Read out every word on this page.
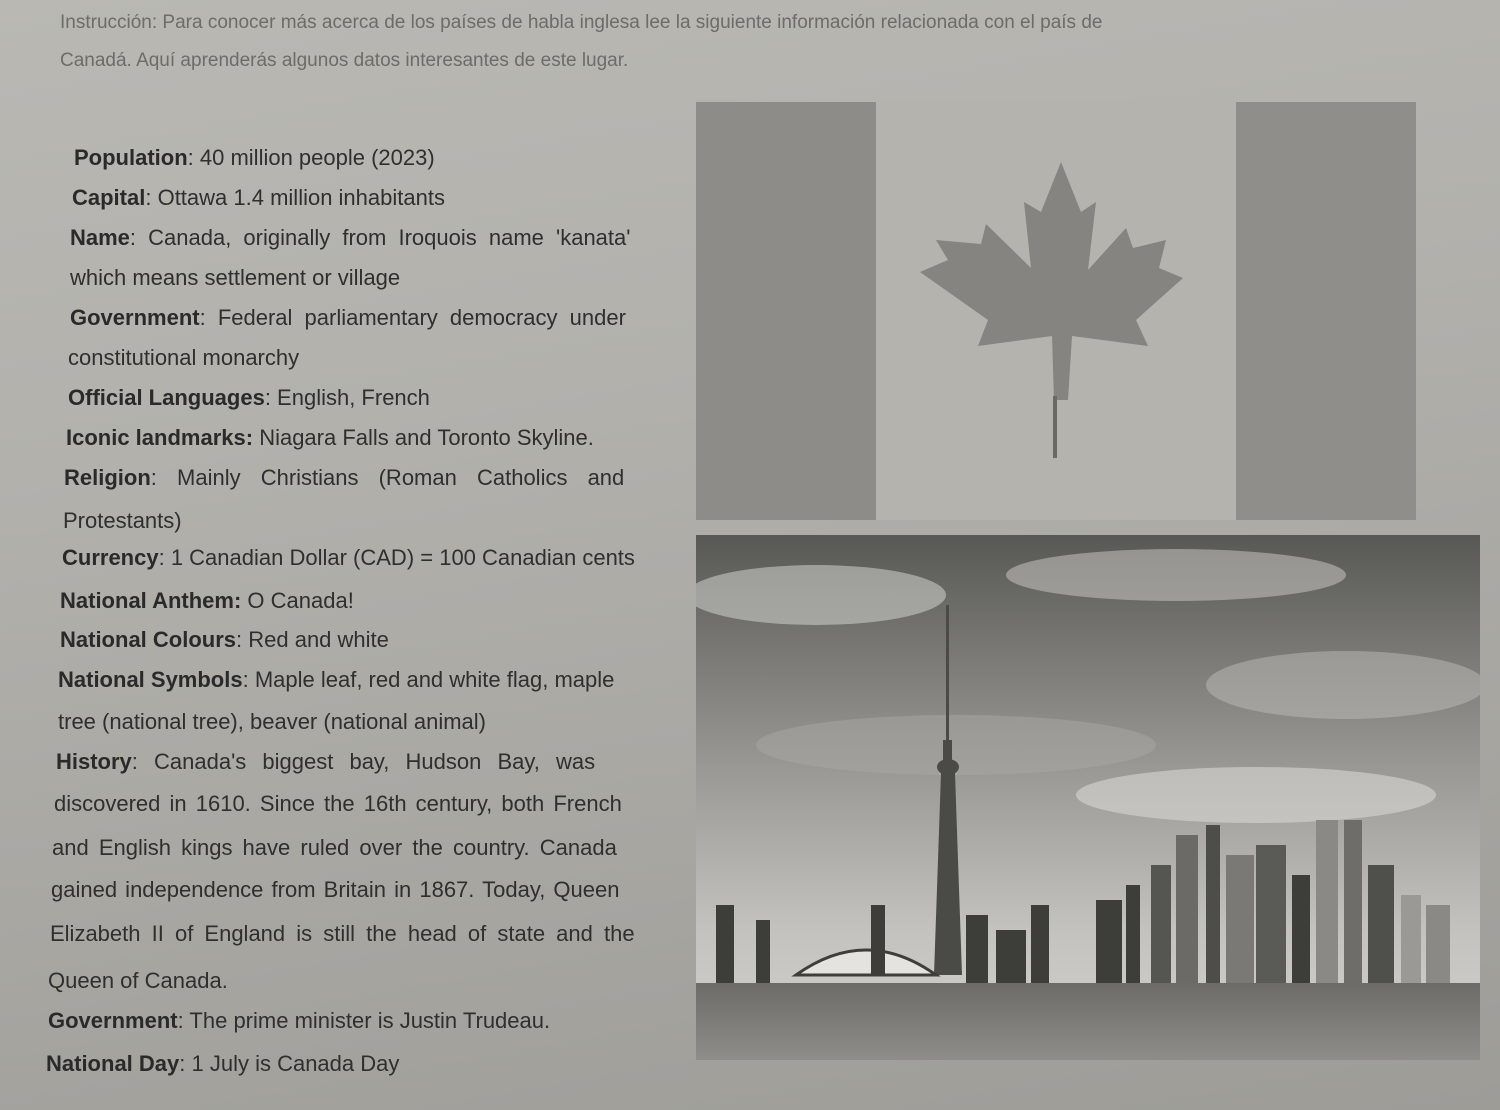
Instrucción: Para conocer más acerca de los países de habla inglesa lee la siguiente información relacionada con el país de

Canadá. Aquí aprenderás algunos datos interesantes de este lugar.

Population: 40 million people (2023)
Capital: Ottawa 1.4 million inhabitants
Name: Canada, originally from Iroquois name 'kanata'
which means settlement or village
Government: Federal parliamentary democracy under
constitutional monarchy
Official Languages: English, French
Iconic landmarks: Niagara Falls and Toronto Skyline.
Religion: Mainly Christians (Roman Catholics and
Protestants)
Currency: 1 Canadian Dollar (CAD) = 100 Canadian cents
National Anthem: O Canada!
National Colours: Red and white
National Symbols: Maple leaf, red and white flag, maple
tree (national tree), beaver (national animal)
History: Canada's biggest bay, Hudson Bay, was
discovered in 1610. Since the 16th century, both French
and English kings have ruled over the country. Canada
gained independence from Britain in 1867. Today, Queen
Elizabeth II of England is still the head of state and the
Queen of Canada.
Government: The prime minister is Justin Trudeau.
National Day: 1 July is Canada Day
